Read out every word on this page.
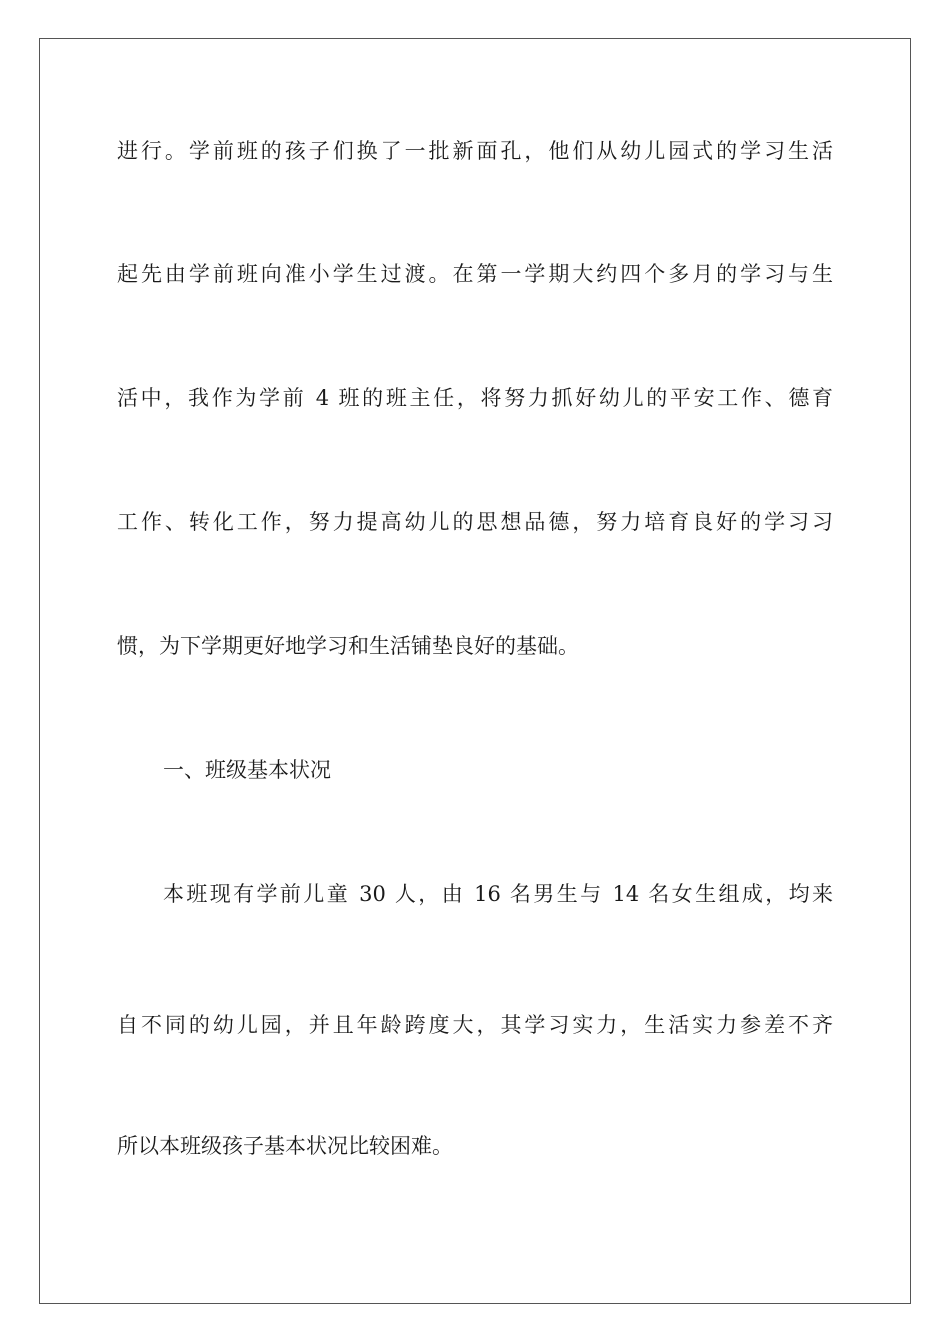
进行。学前班的孩子们换了一批新面孔，他们从幼儿园式的学习生活
起先由学前班向准小学生过渡。在第一学期大约四个多月的学习与生
活中，我作为学前 4 班的班主任，将努力抓好幼儿的平安工作、德育
工作、转化工作，努力提高幼儿的思想品德，努力培育良好的学习习
惯，为下学期更好地学习和生活铺垫良好的基础。
一、班级基本状况
本班现有学前儿童 30 人，由 16 名男生与 14 名女生组成，均来
自不同的幼儿园，并且年龄跨度大，其学习实力，生活实力参差不齐
所以本班级孩子基本状况比较困难。
